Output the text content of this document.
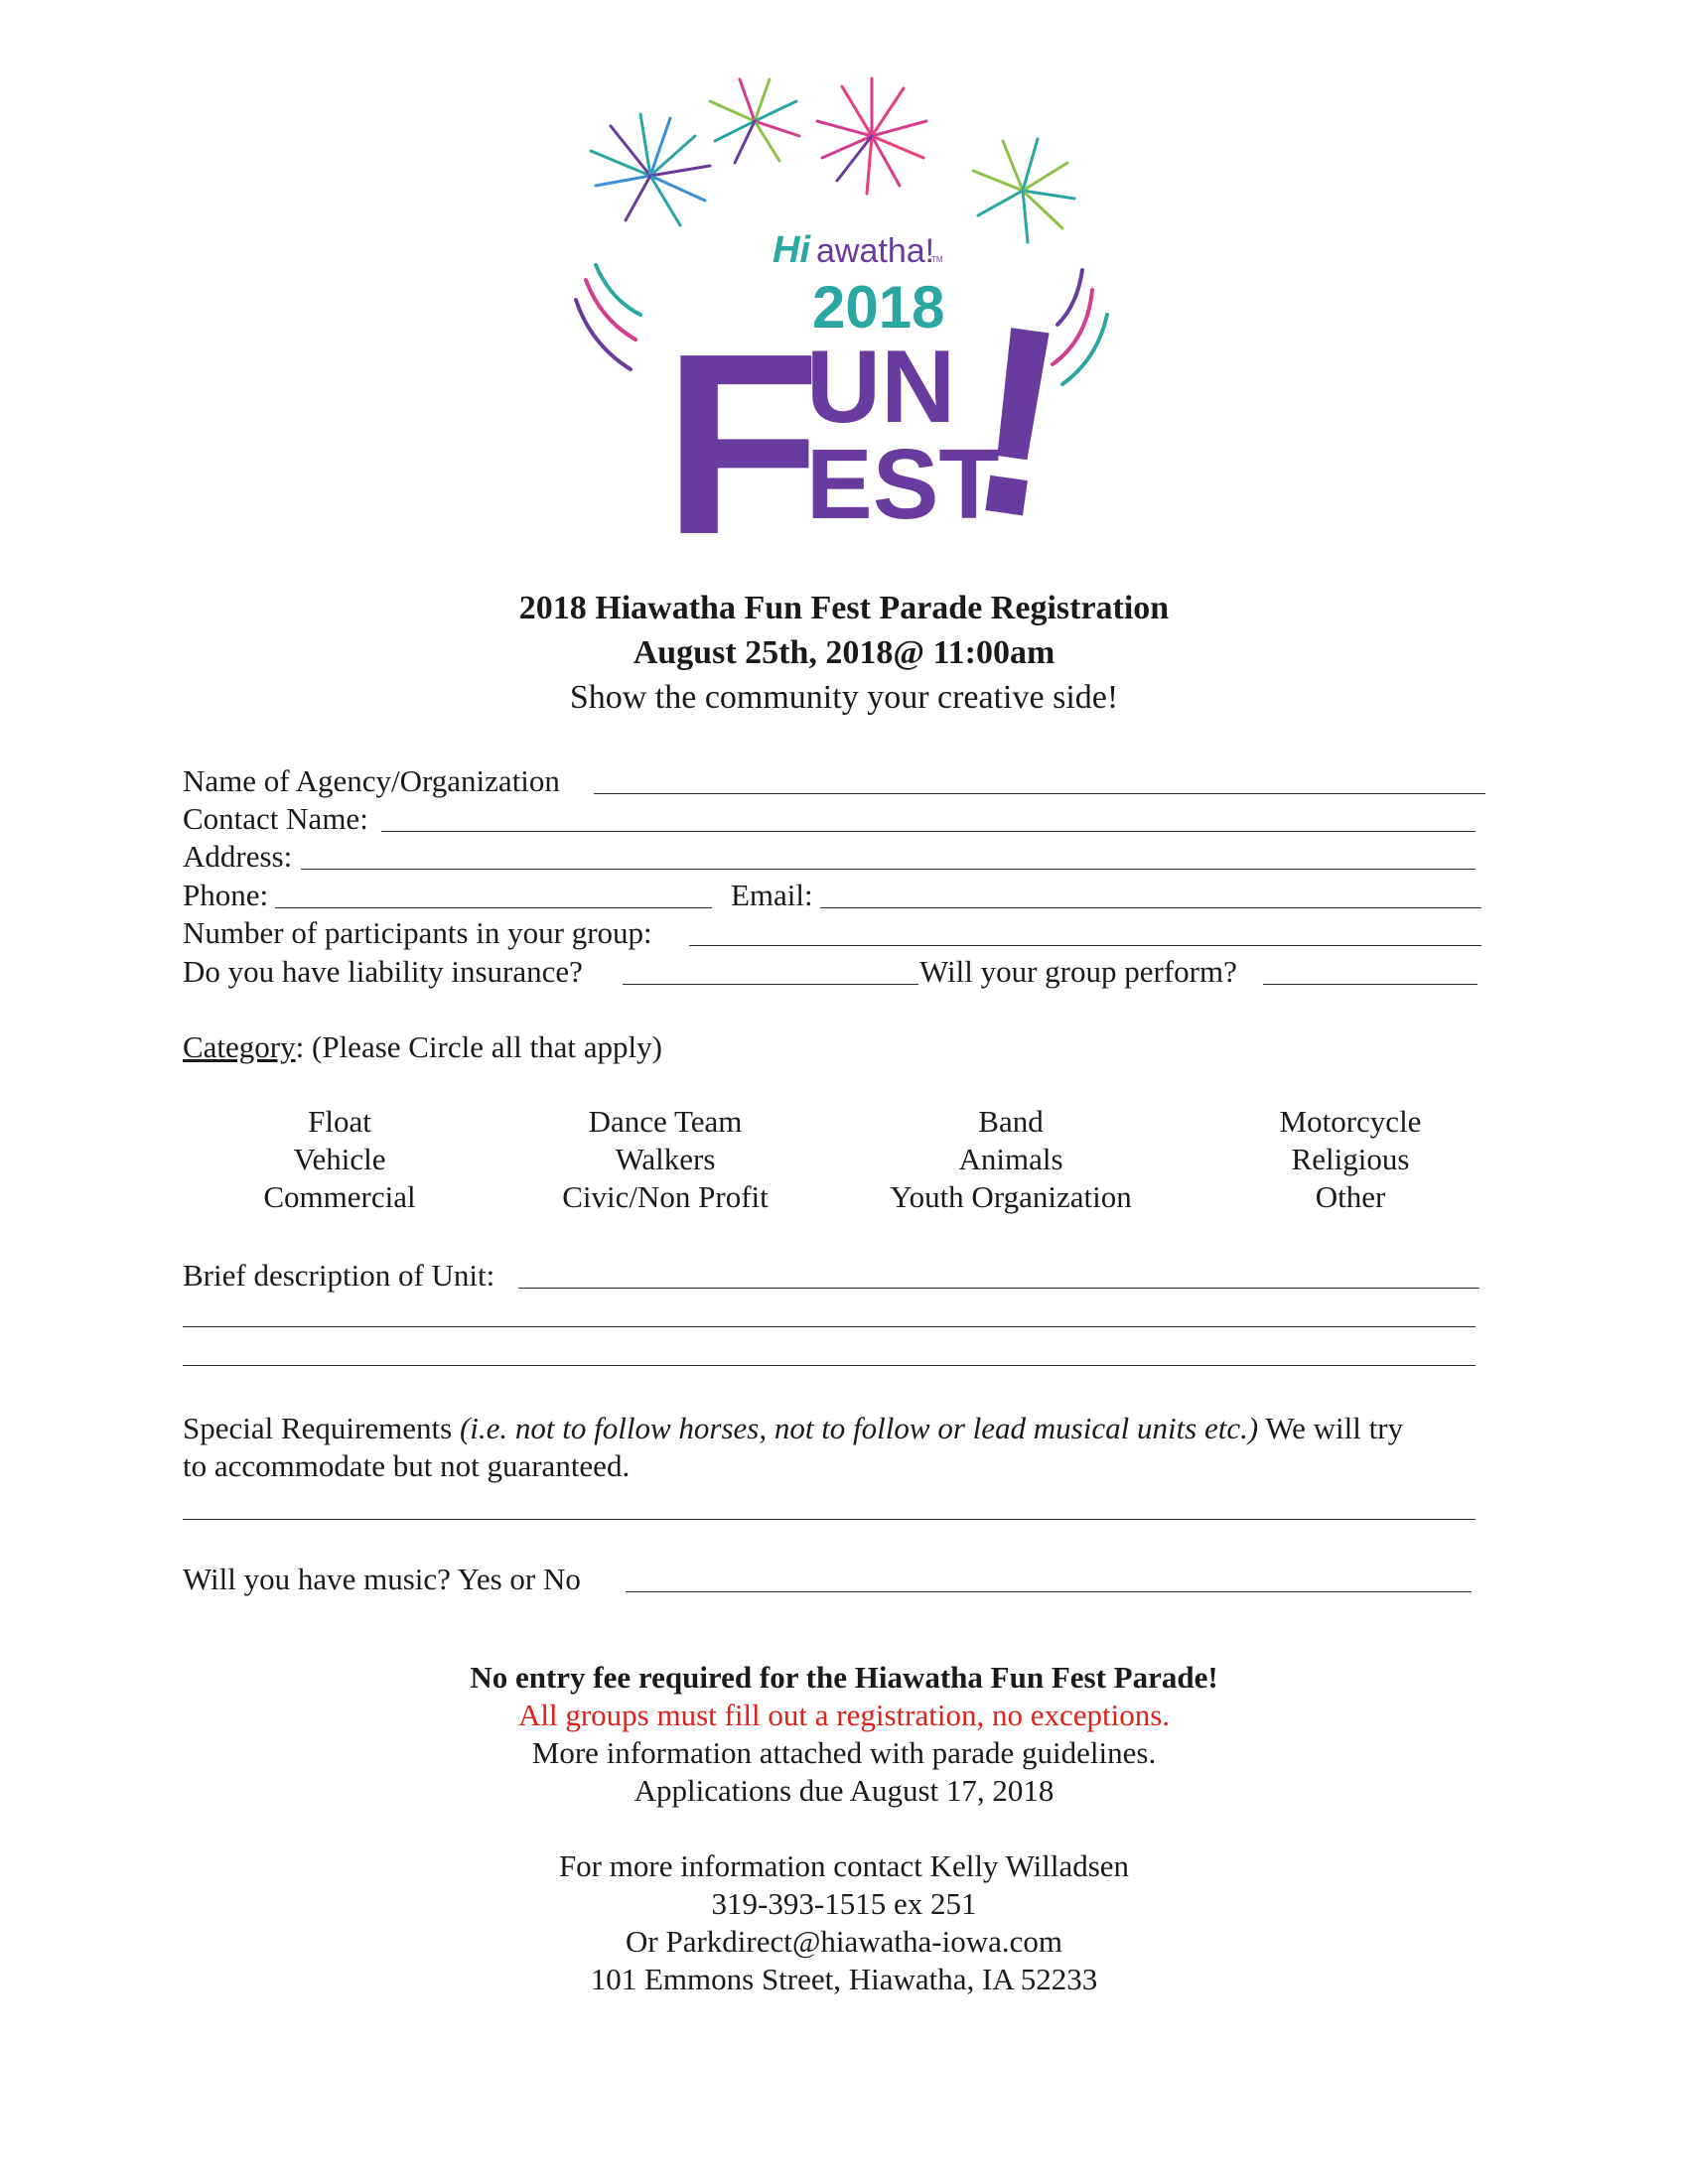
Hi awatha!
TM
2018
F
UN
EST
!
2018 Hiawatha Fun Fest Parade Registration
August 25th, 2018@ 11:00am
Show the community your creative side!
Name of Agency/Organization
Contact Name:
Address:
Phone:	Email:
Number of participants in your group:
Do you have liability insurance?	Will your group perform?
Category: (Please Circle all that apply)
Float
Vehicle
Commercial
Dance Team
Walkers
Civic/Non Profit
Band
Animals
Youth Organization
Motorcycle
Religious
Other
Brief description of Unit:
Special Requirements (i.e. not to follow horses, not to follow or lead musical units etc.) We will try
to accommodate but not guaranteed.
Will you have music? Yes or No
No entry fee required for the Hiawatha Fun Fest Parade!
All groups must fill out a registration, no exceptions.
More information attached with parade guidelines.
Applications due August 17, 2018
For more information contact Kelly Willadsen
319-393-1515 ex 251
Or Parkdirect@hiawatha-iowa.com
101 Emmons Street, Hiawatha, IA 52233
